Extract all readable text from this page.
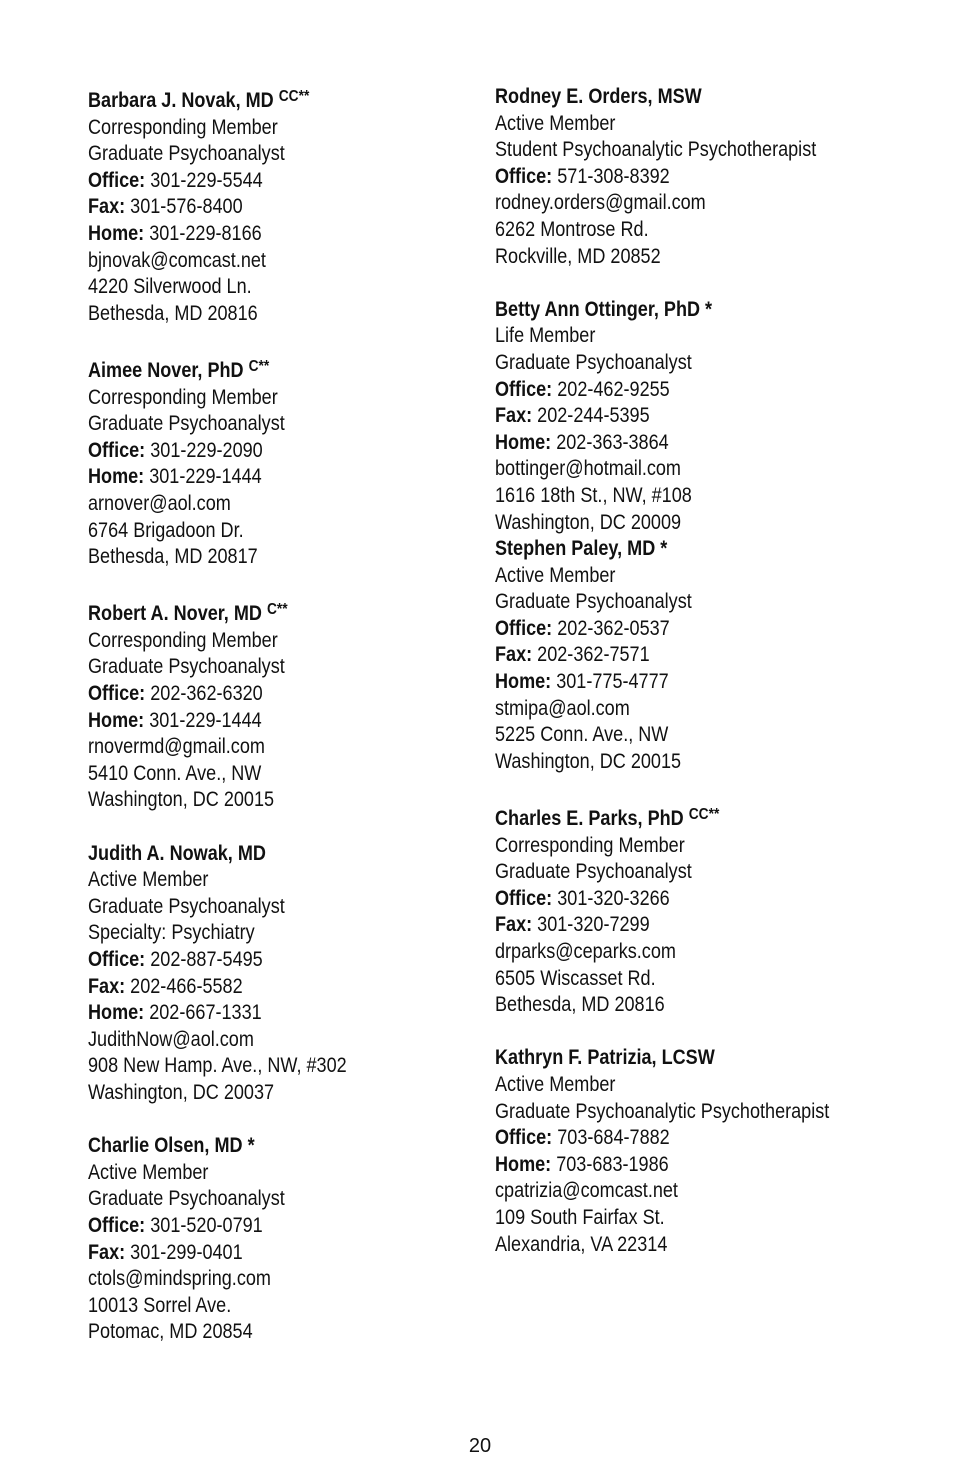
Barbara J. Novak, MD $^{CC**}$
Corresponding Member
Graduate Psychoanalyst
Office: 301-229-5544
Fax: 301-576-8400
Home: 301-229-8166
bjnovak@comcast.net
4220 Silverwood Ln.
Bethesda, MD 20816
Aimee Nover, PhD $^{C**}$
Corresponding Member
Graduate Psychoanalyst
Office: 301-229-2090
Home: 301-229-1444
arnover@aol.com
6764 Brigadoon Dr.
Bethesda, MD 20817
Robert A. Nover, MD $^{C**}$
Corresponding Member
Graduate Psychoanalyst
Office: 202-362-6320
Home: 301-229-1444
rnovermd@gmail.com
5410 Conn. Ave., NW
Washington, DC 20015
Judith A. Nowak, MD
Active Member
Graduate Psychoanalyst
Specialty: Psychiatry
Office: 202-887-5495
Fax: 202-466-5582
Home: 202-667-1331
JudithNow@aol.com
908 New Hamp. Ave., NW, #302
Washington, DC 20037
Charlie Olsen, MD *
Active Member
Graduate Psychoanalyst
Office: 301-520-0791
Fax: 301-299-0401
ctols@mindspring.com
10013 Sorrel Ave.
Potomac, MD 20854
Rodney E. Orders, MSW
Active Member
Student Psychoanalytic Psychotherapist
Office: 571-308-8392
rodney.orders@gmail.com
6262 Montrose Rd.
Rockville, MD 20852
Betty Ann Ottinger, PhD *
Life Member
Graduate Psychoanalyst
Office: 202-462-9255
Fax: 202-244-5395
Home: 202-363-3864
bottinger@hotmail.com
1616 18th St., NW, #108
Washington, DC 20009
Stephen Paley, MD *
Active Member
Graduate Psychoanalyst
Office: 202-362-0537
Fax: 202-362-7571
Home: 301-775-4777
stmipa@aol.com
5225 Conn. Ave., NW
Washington, DC 20015
Charles E. Parks, PhD $^{CC**}$
Corresponding Member
Graduate Psychoanalyst
Office: 301-320-3266
Fax: 301-320-7299
drparks@ceparks.com
6505 Wiscasset Rd.
Bethesda, MD 20816
Kathryn F. Patrizia, LCSW
Active Member
Graduate Psychoanalytic Psychotherapist
Office: 703-684-7882
Home: 703-683-1986
cpatrizia@comcast.net
109 South Fairfax St.
Alexandria, VA 22314
20
